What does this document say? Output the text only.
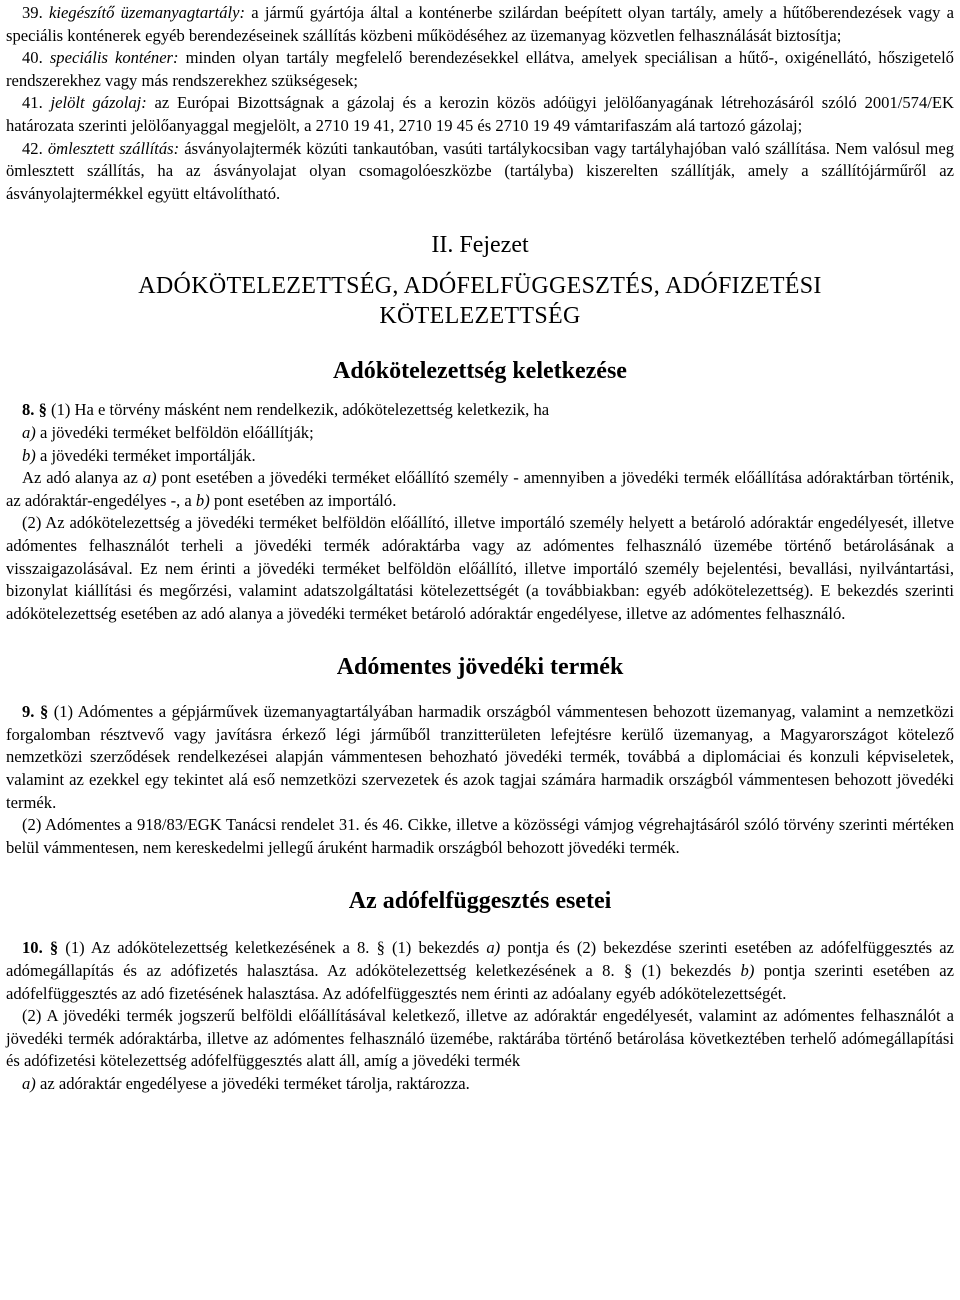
39. kiegészítő üzemanyagtartály: a jármű gyártója által a konténerbe szilárdan beépített olyan tartály, amely a hűtőberendezések vagy a speciális konténerek egyéb berendezéseinek szállítás közbeni működéséhez az üzemanyag közvetlen felhasználását biztosítja;

40. speciális konténer: minden olyan tartály megfelelő berendezésekkel ellátva, amelyek speciálisan a hűtő-, oxigénellátó, hőszigetelő rendszerekhez vagy más rendszerekhez szükségesek;

41. jelölt gázolaj: az Európai Bizottságnak a gázolaj és a kerozin közös adóügyi jelölőanyagának létrehozásáról szóló 2001/574/EK határozata szerinti jelölőanyaggal megjelölt, a 2710 19 41, 2710 19 45 és 2710 19 49 vámtarifaszám alá tartozó gázolaj;

42. ömlesztett szállítás: ásványolajtermék közúti tankautóban, vasúti tartálykocsiban vagy tartályhajóban való szállítása. Nem valósul meg ömlesztett szállítás, ha az ásványolajat olyan csomagolóeszközbe (tartályba) kiszerelten szállítják, amely a szállítójárműről az ásványolajtermékkel együtt eltávolítható.

II. Fejezet
ADÓKÖTELEZETTSÉG, ADÓFELFÜGGESZTÉS, ADÓFIZETÉSI
KÖTELEZETTSÉG
Adókötelezettség keletkezése

8. § (1) Ha e törvény másként nem rendelkezik, adókötelezettség keletkezik, ha

a) a jövedéki terméket belföldön előállítják;

b) a jövedéki terméket importálják.

Az adó alanya az a) pont esetében a jövedéki terméket előállító személy - amennyiben a jövedéki termék előállítása adóraktárban történik, az adóraktár-engedélyes -, a b) pont esetében az importáló.

(2) Az adókötelezettség a jövedéki terméket belföldön előállító, illetve importáló személy helyett a betároló adóraktár engedélyesét, illetve adómentes felhasználót terheli a jövedéki termék adóraktárba vagy az adómentes felhasználó üzemébe történő betárolásának a visszaigazolásával. Ez nem érinti a jövedéki terméket belföldön előállító, illetve importáló személy bejelentési, bevallási, nyilvántartási, bizonylat kiállítási és megőrzési, valamint adatszolgáltatási kötelezettségét (a továbbiakban: egyéb adókötelezettség). E bekezdés szerinti adókötelezettség esetében az adó alanya a jövedéki terméket betároló adóraktár engedélyese, illetve az adómentes felhasználó.

Adómentes jövedéki termék

9. § (1) Adómentes a gépjárművek üzemanyagtartályában harmadik országból vámmentesen behozott üzemanyag, valamint a nemzetközi forgalomban résztvevő vagy javításra érkező légi járműből tranzitterületen lefejtésre kerülő üzemanyag, a Magyarországot kötelező nemzetközi szerződések rendelkezései alapján vámmentesen behozható jövedéki termék, továbbá a diplomáciai és konzuli képviseletek, valamint az ezekkel egy tekintet alá eső nemzetközi szervezetek és azok tagjai számára harmadik országból vámmentesen behozott jövedéki termék.

(2) Adómentes a 918/83/EGK Tanácsi rendelet 31. és 46. Cikke, illetve a közösségi vámjog végrehajtásáról szóló törvény szerinti mértéken belül vámmentesen, nem kereskedelmi jellegű áruként harmadik országból behozott jövedéki termék.

Az adófelfüggesztés esetei

10. § (1) Az adókötelezettség keletkezésének a 8. § (1) bekezdés a) pontja és (2) bekezdése szerinti esetében az adófelfüggesztés az adómegállapítás és az adófizetés halasztása. Az adókötelezettség keletkezésének a 8. § (1) bekezdés b) pontja szerinti esetében az adófelfüggesztés az adó fizetésének halasztása. Az adófelfüggesztés nem érinti az adóalany egyéb adókötelezettségét.

(2) A jövedéki termék jogszerű belföldi előállításával keletkező, illetve az adóraktár engedélyesét, valamint az adómentes felhasználót a jövedéki termék adóraktárba, illetve az adómentes felhasználó üzemébe, raktárába történő betárolása következtében terhelő adómegállapítási és adófizetési kötelezettség adófelfüggesztés alatt áll, amíg a jövedéki termék

a) az adóraktár engedélyese a jövedéki terméket tárolja, raktározza.
